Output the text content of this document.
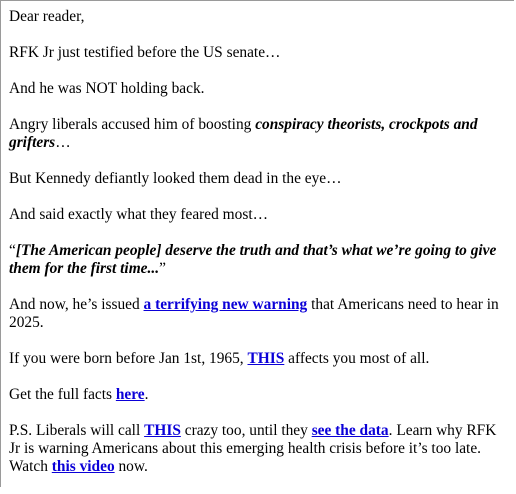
Dear reader,

RFK Jr just testified before the US senate…

And he was NOT holding back.

Angry liberals accused him of boosting conspiracy theorists, crockpots and grifters…

But Kennedy defiantly looked them dead in the eye…

And said exactly what they feared most…

“[The American people] deserve the truth and that’s what we’re going to give them for the first time...”

And now, he’s issued a terrifying new warning that Americans need to hear in 2025.

If you were born before Jan 1st, 1965, THIS affects you most of all.

Get the full facts here.

P.S. Liberals will call THIS crazy too, until they see the data. Learn why RFK Jr is warning Americans about this emerging health crisis before it’s too late. Watch this video now.
